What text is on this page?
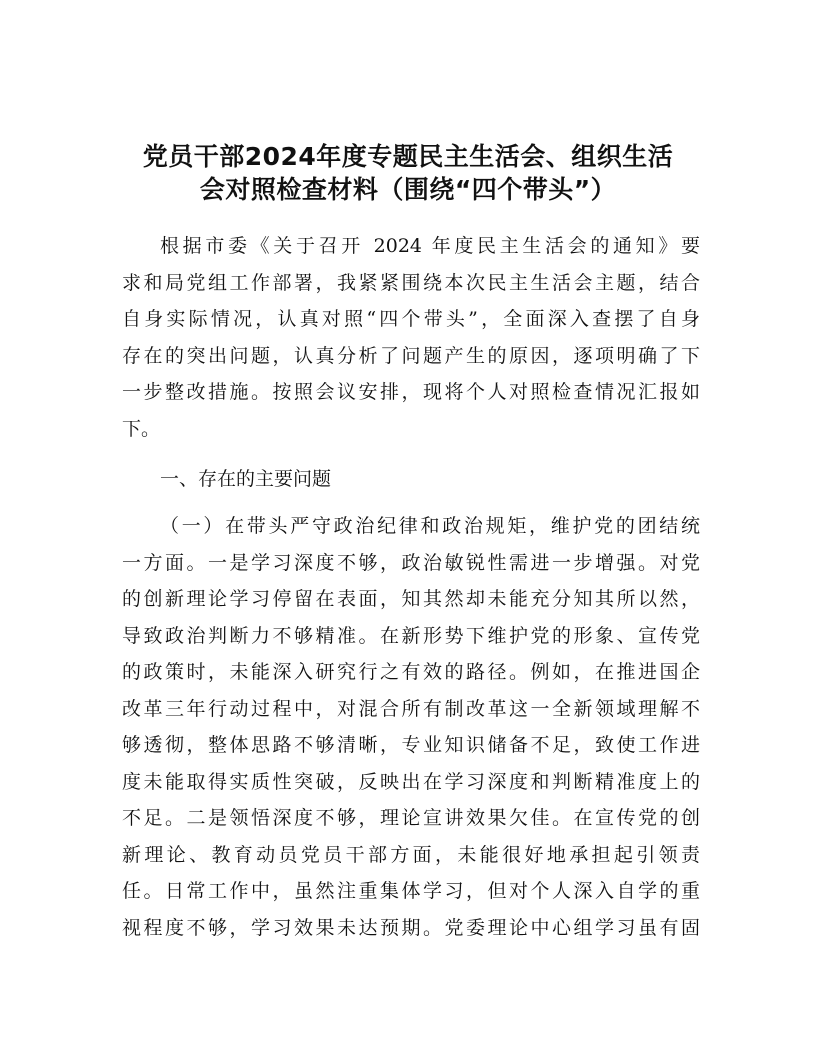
党员干部2024年度专题民主生活会、组织生活
会对照检查材料（围绕“四个带头”）
根据市委《关于召开 2024 年度民主生活会的通知》要
求和局党组工作部署，我紧紧围绕本次民主生活会主题，结合
自身实际情况，认真对照“四个带头”，全面深入查摆了自身
存在的突出问题，认真分析了问题产生的原因，逐项明确了下
一步整改措施。按照会议安排，现将个人对照检查情况汇报如
下。
一、存在的主要问题
（一）在带头严守政治纪律和政治规矩，维护党的团结统
一方面。一是学习深度不够，政治敏锐性需进一步增强。对党
的创新理论学习停留在表面，知其然却未能充分知其所以然，
导致政治判断力不够精准。在新形势下维护党的形象、宣传党
的政策时，未能深入研究行之有效的路径。例如，在推进国企
改革三年行动过程中，对混合所有制改革这一全新领域理解不
够透彻，整体思路不够清晰，专业知识储备不足，致使工作进
度未能取得实质性突破，反映出在学习深度和判断精准度上的
不足。二是领悟深度不够，理论宣讲效果欠佳。在宣传党的创
新理论、教育动员党员干部方面，未能很好地承担起引领责
任。日常工作中，虽然注重集体学习，但对个人深入自学的重
视程度不够，学习效果未达预期。党委理论中心组学习虽有固
